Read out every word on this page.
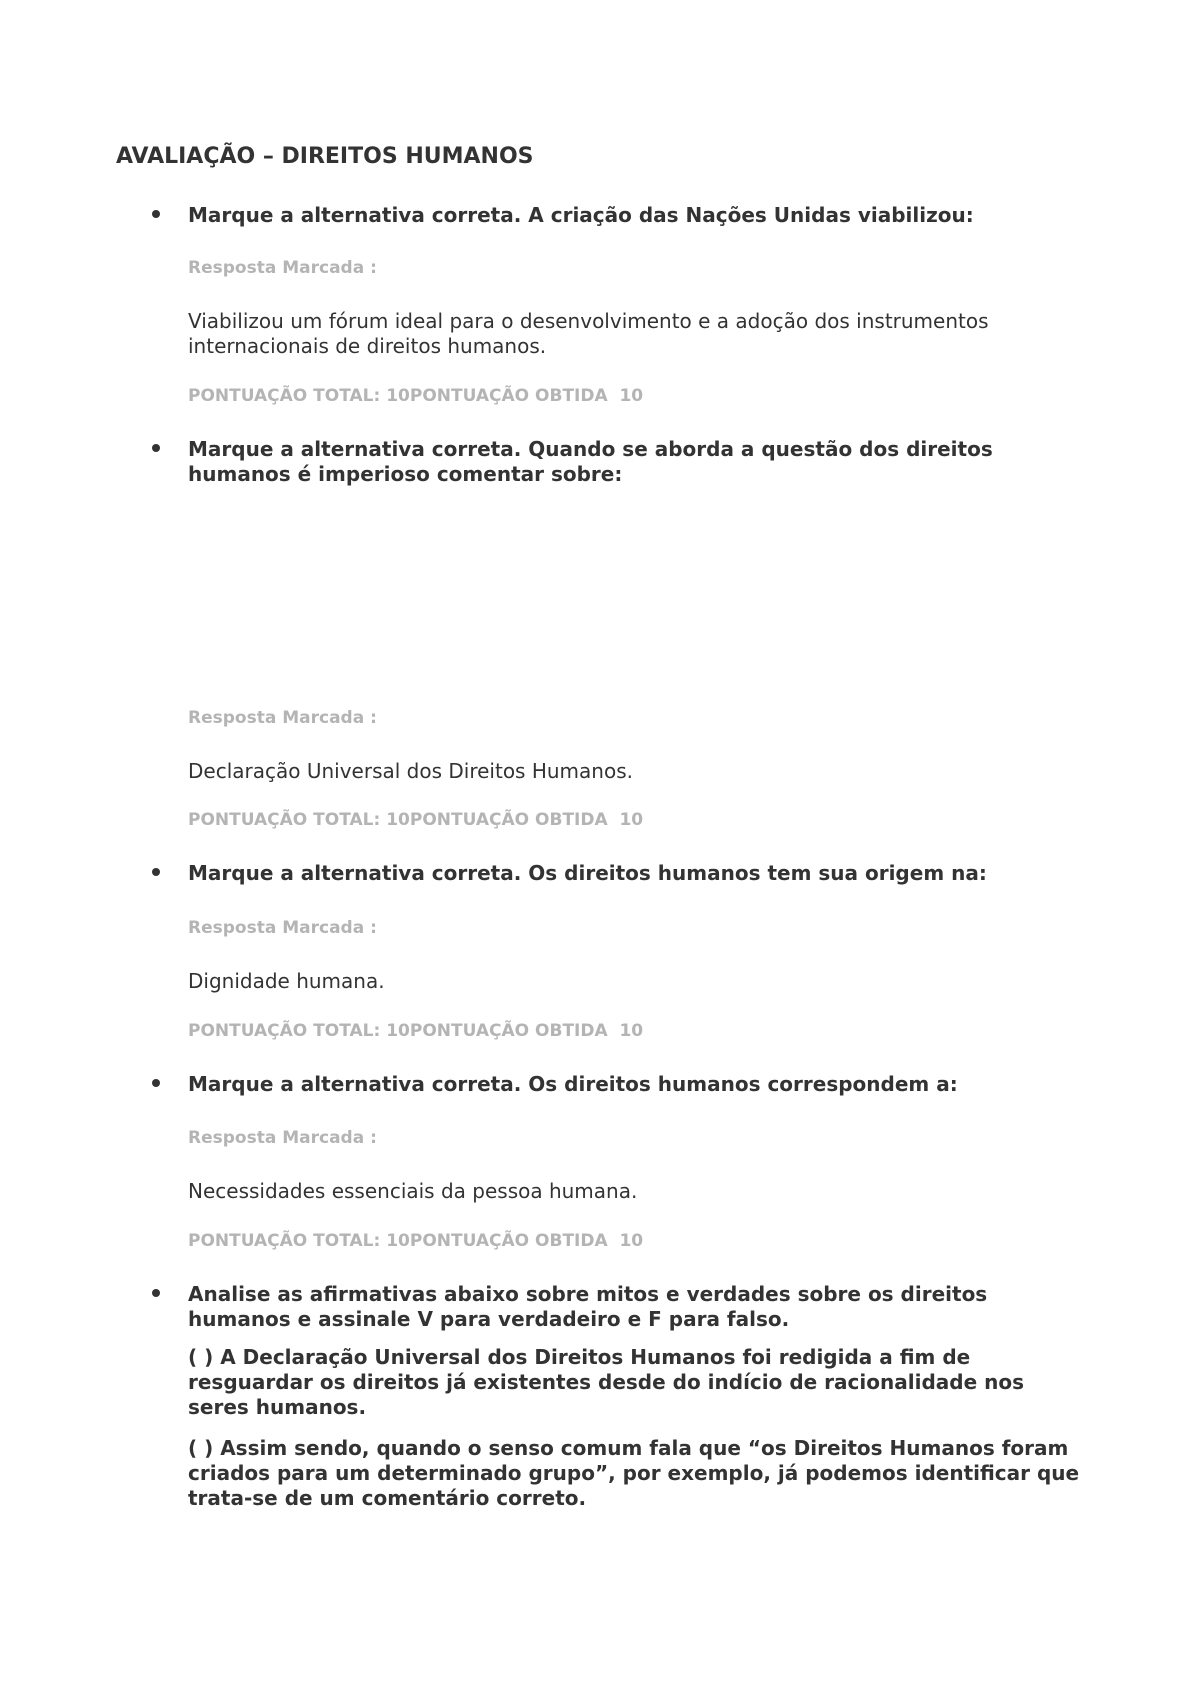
AVALIAÇÃO – DIREITOS HUMANOS
Marque a alternativa correta. A criação das Nações Unidas viabilizou:
Resposta Marcada :
Viabilizou um fórum ideal para o desenvolvimento e a adoção dos instrumentos internacionais de direitos humanos.
PONTUAÇÃO TOTAL: 10PONTUAÇÃO OBTIDA  10
Marque a alternativa correta. Quando se aborda a questão dos direitos humanos é imperioso comentar sobre:
Resposta Marcada :
Declaração Universal dos Direitos Humanos.
PONTUAÇÃO TOTAL: 10PONTUAÇÃO OBTIDA  10
Marque a alternativa correta. Os direitos humanos tem sua origem na:
Resposta Marcada :
Dignidade humana.
PONTUAÇÃO TOTAL: 10PONTUAÇÃO OBTIDA  10
Marque a alternativa correta. Os direitos humanos correspondem a:
Resposta Marcada :
Necessidades essenciais da pessoa humana.
PONTUAÇÃO TOTAL: 10PONTUAÇÃO OBTIDA  10
Analise as afirmativas abaixo sobre mitos e verdades sobre os direitos humanos e assinale V para verdadeiro e F para falso.
( ) A Declaração Universal dos Direitos Humanos foi redigida a fim de resguardar os direitos já existentes desde do indício de racionalidade nos seres humanos.
( ) Assim sendo, quando o senso comum fala que “os Direitos Humanos foram criados para um determinado grupo”, por exemplo, já podemos identificar que trata-se de um comentário correto.
